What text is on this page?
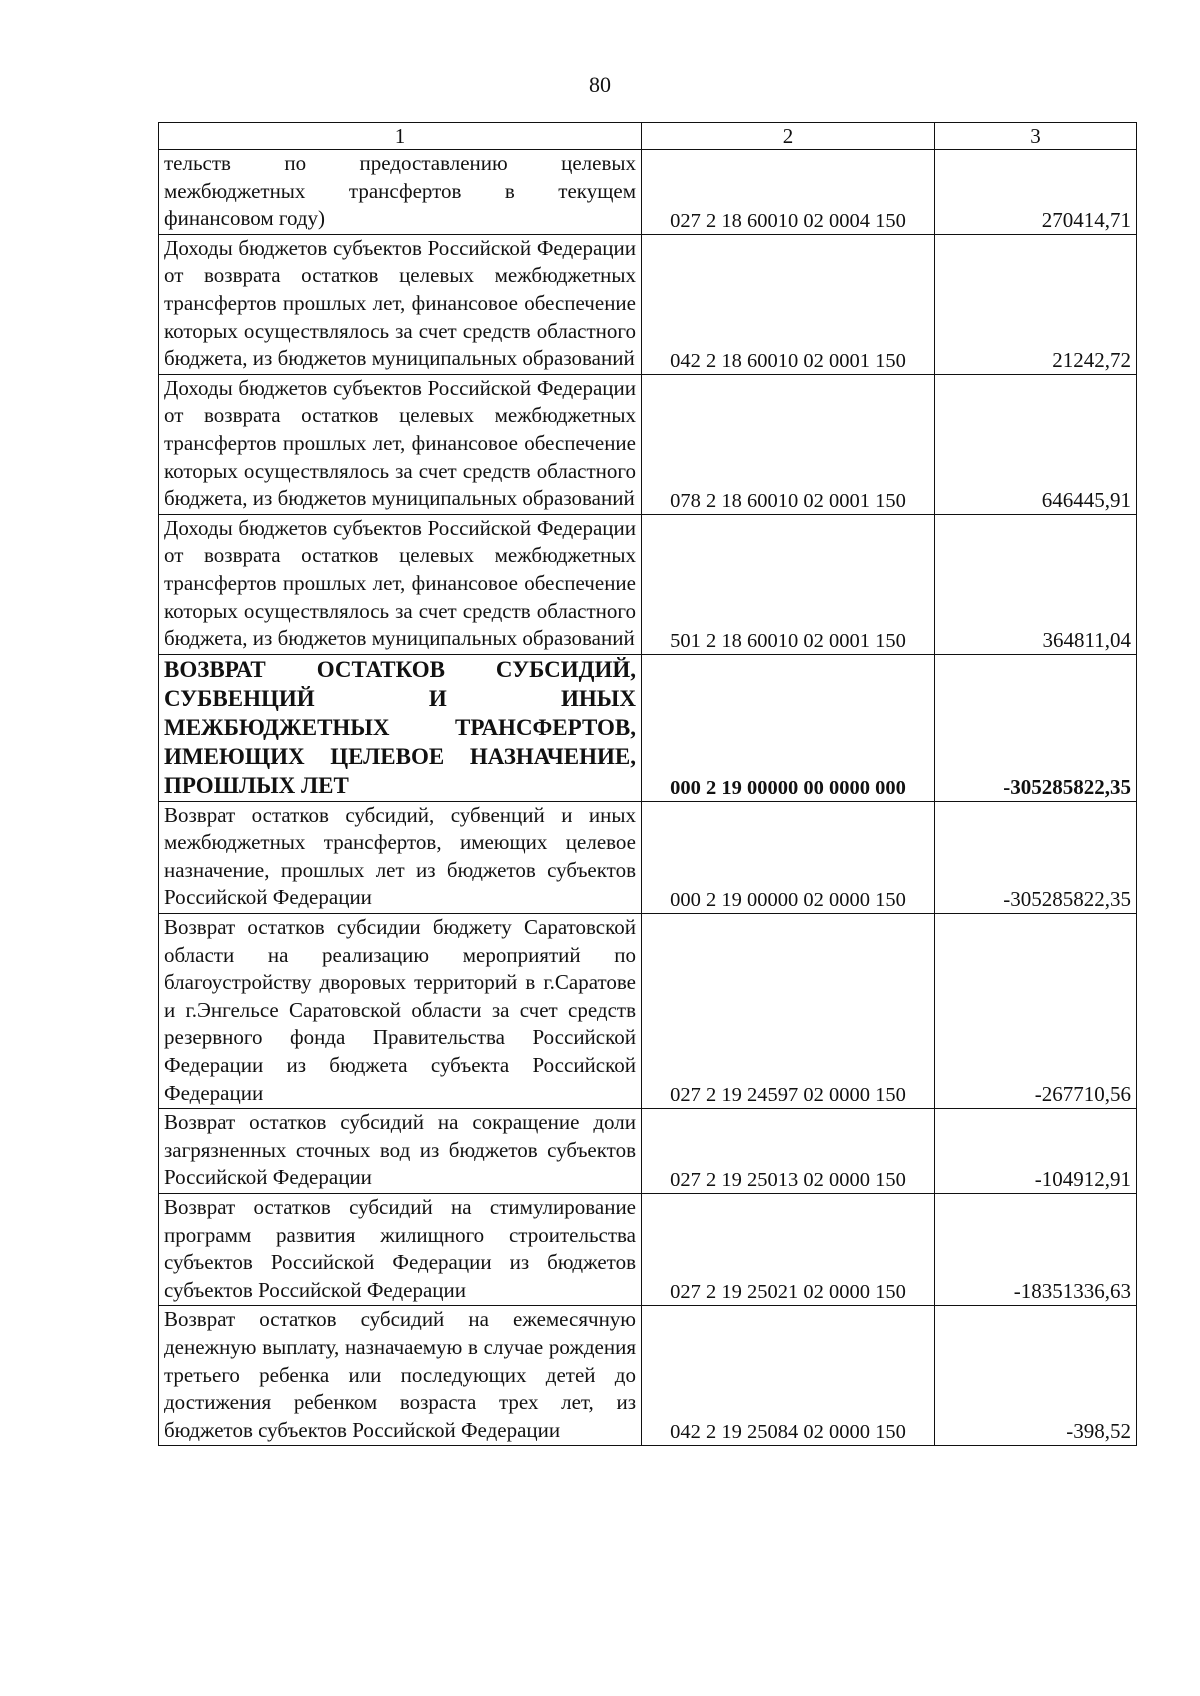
80
1	2	3
тельств по предоставлению целевых межбюджетных трансфертов в текущем финансовом году)	027 2 18 60010 02 0004 150	270414,71
Доходы бюджетов субъектов Российской Федерации от возврата остатков целевых межбюджетных трансфертов прошлых лет, финансовое обеспечение которых осуществлялось за счет средств областного бюджета, из бюджетов муниципальных образований	042 2 18 60010 02 0001 150	21242,72
Доходы бюджетов субъектов Российской Федерации от возврата остатков целевых межбюджетных трансфертов прошлых лет, финансовое обеспечение которых осуществлялось за счет средств областного бюджета, из бюджетов муниципальных образований	078 2 18 60010 02 0001 150	646445,91
Доходы бюджетов субъектов Российской Федерации от возврата остатков целевых межбюджетных трансфертов прошлых лет, финансовое обеспечение которых осуществлялось за счет средств областного бюджета, из бюджетов муниципальных образований	501 2 18 60010 02 0001 150	364811,04
ВОЗВРАТ ОСТАТКОВ СУБСИДИЙ, СУБВЕНЦИЙ И ИНЫХ МЕЖБЮДЖЕТНЫХ ТРАНСФЕРТОВ, ИМЕЮЩИХ ЦЕЛЕВОЕ НАЗНАЧЕНИЕ, ПРОШЛЫХ ЛЕТ	000 2 19 00000 00 0000 000	-305285822,35
Возврат остатков субсидий, субвенций и иных межбюджетных трансфертов, имеющих целевое назначение, прошлых лет из бюджетов субъектов Российской Федерации	000 2 19 00000 02 0000 150	-305285822,35
Возврат остатков субсидии бюджету Саратовской области на реализацию мероприятий по благоустройству дворовых территорий в г.Саратове и г.Энгельсе Саратовской области за счет средств резервного фонда Правительства Российской Федерации из бюджета субъекта Российской Федерации	027 2 19 24597 02 0000 150	-267710,56
Возврат остатков субсидий на сокращение доли загрязненных сточных вод из бюджетов субъектов Российской Федерации	027 2 19 25013 02 0000 150	-104912,91
Возврат остатков субсидий на стимулирование программ развития жилищного строительства субъектов Российской Федерации из бюджетов субъектов Российской Федерации	027 2 19 25021 02 0000 150	-18351336,63
Возврат остатков субсидий на ежемесячную денежную выплату, назначаемую в случае рождения третьего ребенка или последующих детей до достижения ребенком возраста трех лет, из бюджетов субъектов Российской Федерации	042 2 19 25084 02 0000 150	-398,52
